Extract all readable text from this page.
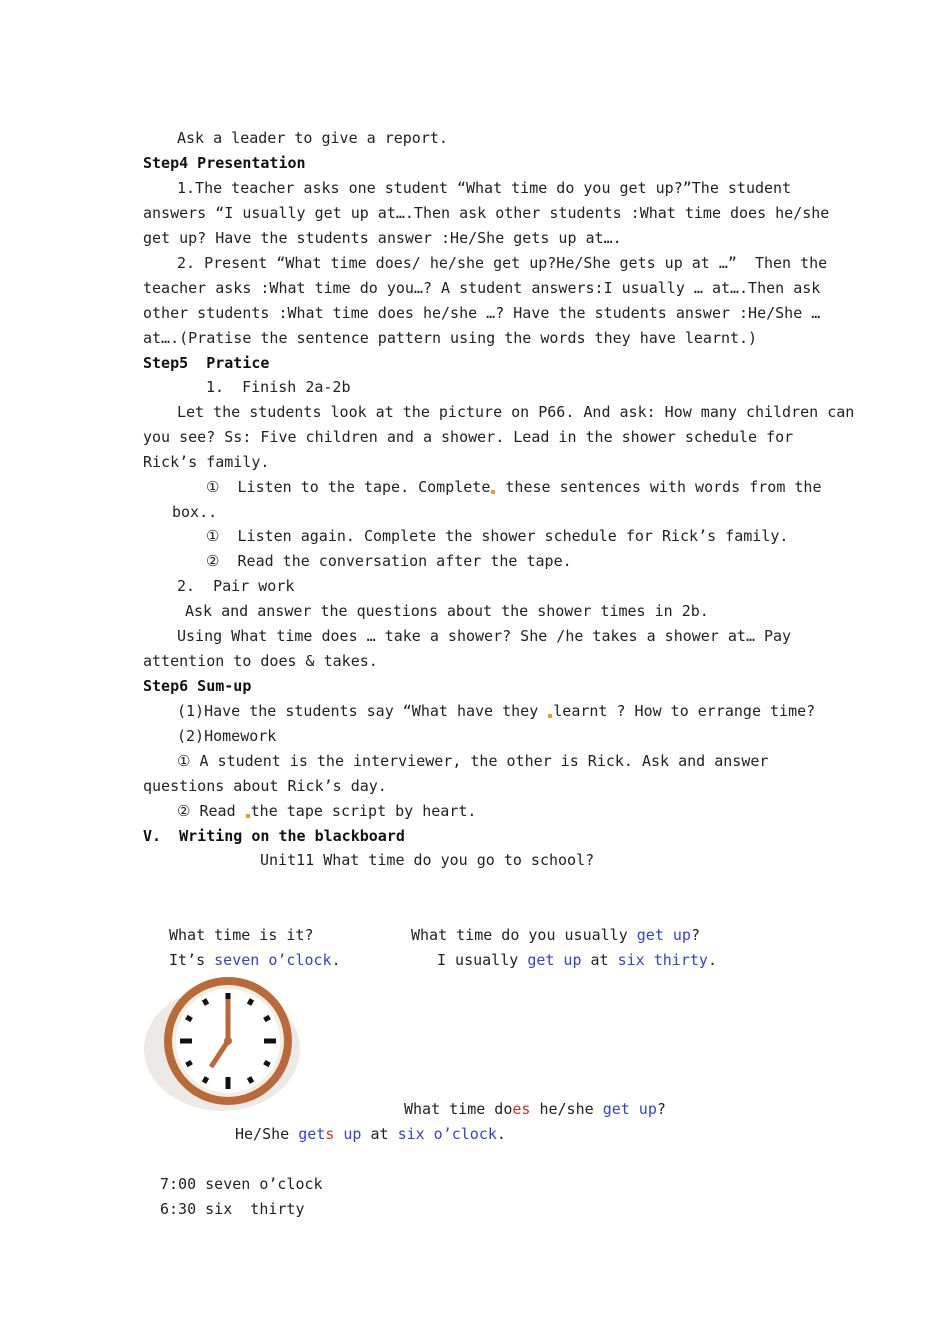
Ask a leader to give a report.
Step4 Presentation
1.The teacher asks one student “What time do you get up?”The student
answers “I usually get up at….Then ask other students :What time does he/she
get up? Have the students answer :He/She gets up at….
2. Present “What time does/ he/she get up?He/She gets up at …”  Then the
teacher asks :What time do you…? A student answers:I usually … at….Then ask
other students :What time does he/she …? Have the students answer :He/She …
at….(Pratise the sentence pattern using the words they have learnt.)
Step5  Pratice
1.  Finish 2a-2b
Let the students look at the picture on P66. And ask: How many children can
you see? Ss: Five children and a shower. Lead in the shower schedule for
Rick’s family.
①  Listen to the tape. Complete these sentences with words from the
box..
①  Listen again. Complete the shower schedule for Rick’s family.
②  Read the conversation after the tape.
2.  Pair work
Ask and answer the questions about the shower times in 2b.
Using What time does … take a shower? She /he takes a shower at… Pay
attention to does & takes.
Step6 Sum-up
(1)Have the students say “What have they learnt ? How to errange time?
(2)Homework
① A student is the interviewer, the other is Rick. Ask and answer
questions about Rick’s day.
② Read the tape script by heart.
V.  Writing on the blackboard
Unit11 What time do you go to school?
What time is it?
It’s seven o’clock.
What time do you usually get up?
I usually get up at six thirty.
What time does he/she get up?
He/She gets up at six o’clock.
7:00 seven o’clock
6:30 six  thirty
